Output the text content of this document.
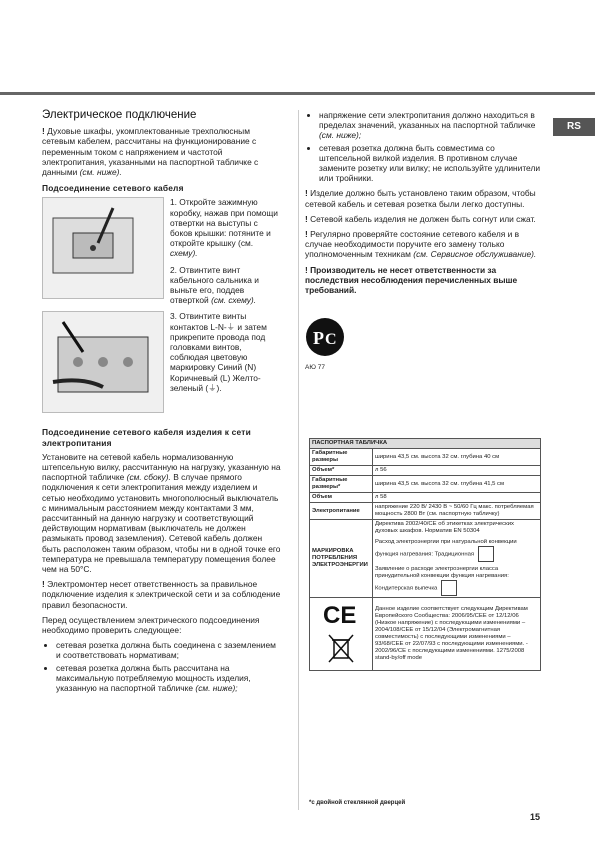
RS
Электрическое подключение

! Духовые шкафы, укомплектованные трехполюсным сетевым кабелем, рассчитаны на функционирование с переменным током с напряжением и частотой электропитания, указанными на паспортной табличке с данными (см. ниже).

Подсоединение сетевого кабеля
1. Откройте зажимную коробку, нажав при помощи отвертки на выступы с боков крышки: потяните и откройте крышку (см. схему).
2. Отвинтите винт кабельного сальника и выньте его, поддев отверткой (см. схему).
3. Отвинтите винты контактов L-N-⏚ и затем прикрепите провода под головками винтов, соблюдая цветовую маркировку Синий (N) Коричневый (L) Желто-зеленый (⏚).
Подсоединение сетевого кабеля изделия к сети электропитания

Установите на сетевой кабель нормализованную штепсельную вилку, рассчитанную на нагрузку, указанную на паспортной табличке (см. сбоку). В случае прямого подключения к сети электропитания между изделием и сетью необходимо установить многополюсный выключатель с минимальным расстоянием между контактами 3 мм, рассчитанный на данную нагрузку и соответствующий действующим нормативам (выключатель не должен размыкать провод заземления). Сетевой кабель должен быть расположен таким образом, чтобы ни в одной точке его температура не превышала температуру помещения более чем на 50°С.

! Электромонтер несет ответственность за правильное подключение изделия к электрической сети и за соблюдение правил безопасности.

Перед осуществлением электрического подсоединения необходимо проверить следующее:

• сетевая розетка должна быть соединена с заземлением и соответствовать нормативам;
• сетевая розетка должна быть рассчитана на максимальную потребляемую мощность изделия, указанную на паспортной табличке (см. ниже);
• напряжение сети электропитания должно находиться в пределах значений, указанных на паспортной табличке (см. ниже);
• сетевая розетка должна быть совместима со штепсельной вилкой изделия. В противном случае замените розетку или вилку; не используйте удлинители или тройники.

! Изделие должно быть установлено таким образом, чтобы сетевой кабель и сетевая розетка были легко доступны.

! Сетевой кабель изделия не должен быть согнут или сжат.

! Регулярно проверяйте состояние сетевого кабеля и в случае необходимости поручите его замену только уполномоченным техникам (см. Сервисное обслуживание).

! Производитель не несет ответственности за последствия несоблюдения перечисленных выше требований.

Р С
АЮ 77
ПАСПОРТНАЯ ТАБЛИЧКА	
Габаритные размеры	ширина 43,5 см. высота 32 см. глубина 40 см
Объем*	л 56
Габаритные размеры*	ширина 43,5 см. высота 32 см. глубина 41,5 см
Объем	л 58
Электропитание	напряжение 220 В/ 2430 В ~ 50/60 Гц макс. потребляемая мощность 2800 Вт (см. паспортную табличку)
МАРКИРОВКА ПОТРЕБЛЕНИЯ ЭЛЕКТРОЭНЕРГИИ	Директива 2002/40/CE об этикетках электрических духовых шкафов. Норматив EN 50304
Расход электроэнергии при натуральной конвекции функция нагревания: Традиционная
Заявление о расходе электроэнергии класса принудительной конвекции функция нагревания: Кондитерская выпечка

CE	Данное изделие соответствует следующим Директивам Европейского Сообщества: 2006/95/CEE от 12/12/06 (Низкое напряжение) с последующими изменениями – 2004/108/CEE от 15/12/04 (Электромагнитная совместимость) с последующими изменениями – 93/68/CEE от 22/07/93 с последующими изменениями. - 2002/96/CE с последующими изменениями. 1275/2008 stand-by/off mode
*с двойной стеклянной дверцей
15
